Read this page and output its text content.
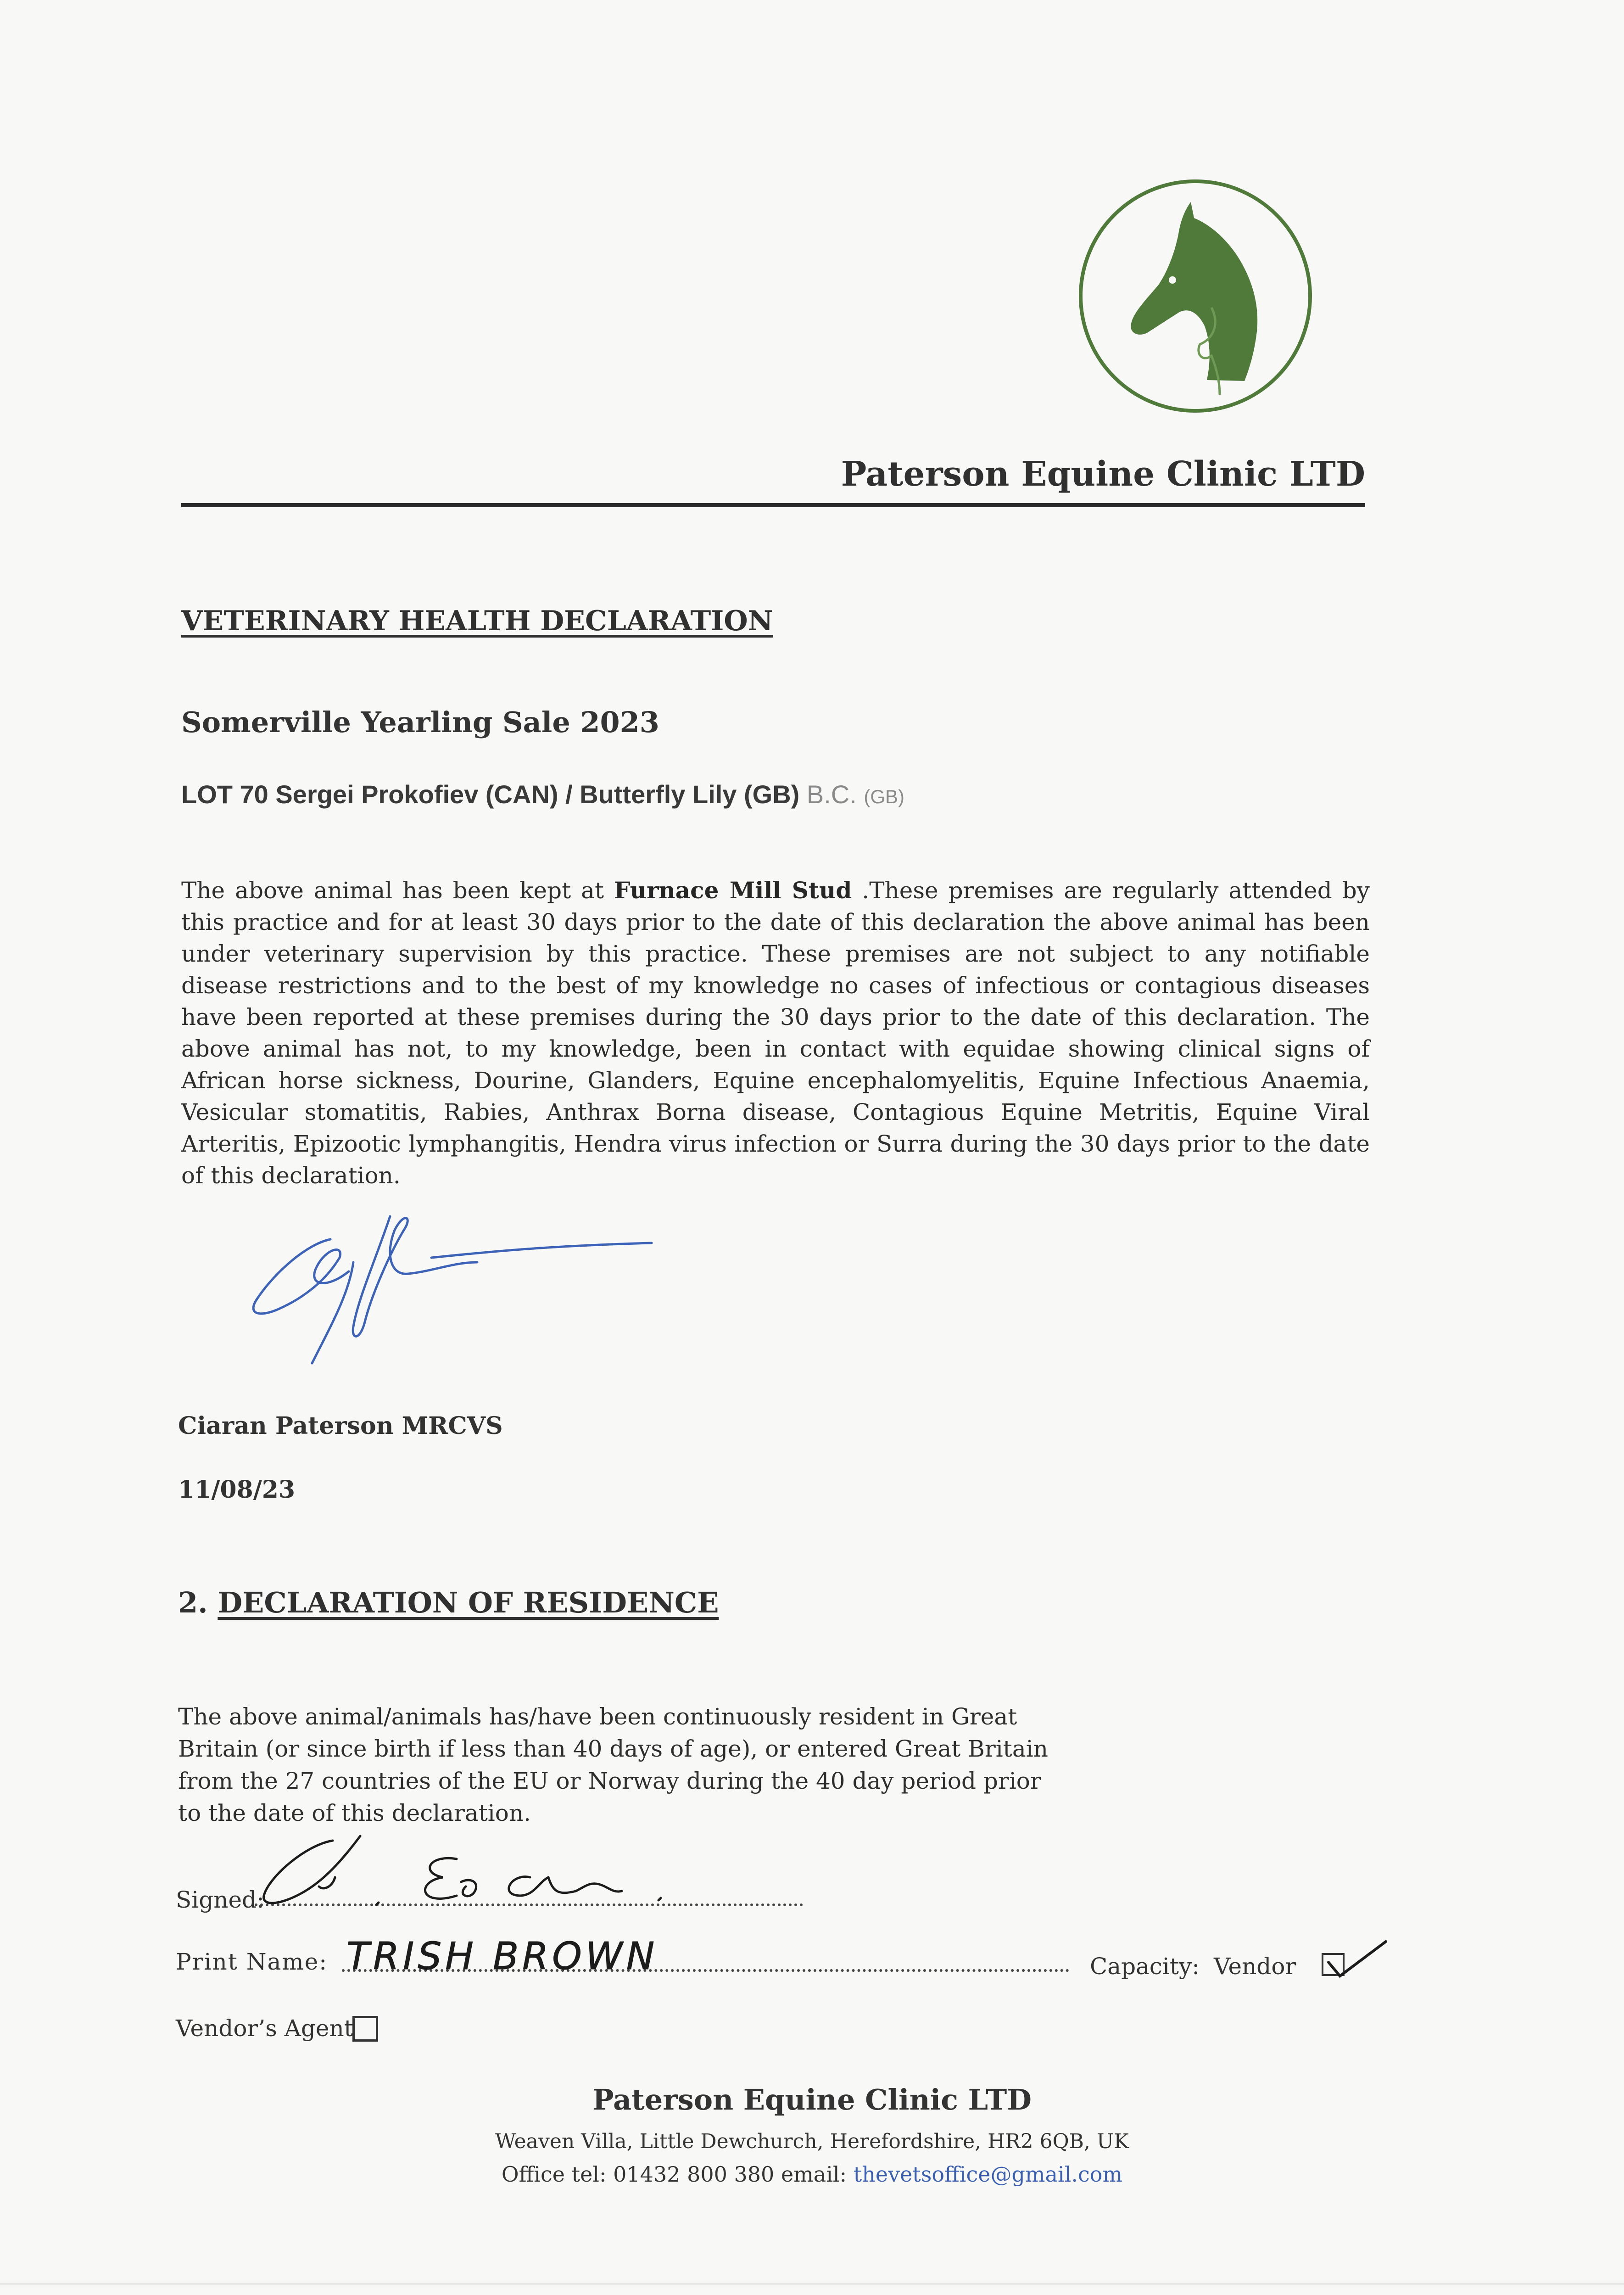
Paterson Equine Clinic LTD
VETERINARY HEALTH DECLARATION
Somerville Yearling Sale 2023
LOT 70 Sergei Prokofiev (CAN) / Butterfly Lily (GB) B.C. (GB)
The above animal has been kept at Furnace Mill Stud .These premises are regularly attended by this practice and for at least 30 days prior to the date of this declaration the above animal has been under veterinary supervision by this practice. These premises are not subject to any notifiable disease restrictions and to the best of my knowledge no cases of infectious or contagious diseases have been reported at these premises during the 30 days prior to the date of this declaration. The above animal has not, to my knowledge, been in contact with equidae showing clinical signs of African horse sickness, Dourine, Glanders, Equine encephalomyelitis, Equine Infectious Anaemia, Vesicular stomatitis, Rabies, Anthrax Borna disease, Contagious Equine Metritis, Equine Viral Arteritis, Epizootic lymphangitis, Hendra virus infection or Surra during the 30 days prior to the date of this declaration.
Ciaran Paterson MRCVS
11/08/23
2. DECLARATION OF RESIDENCE
The above animal/animals has/have been continuously resident in Great Britain (or since birth if less than 40 days of age), or entered Great Britain from the 27 countries of the EU or Norway during the 40 day period prior to the date of this declaration.
Signed:
Print Name: TRISH BROWN	Capacity: Vendor
Vendor’s Agent
Paterson Equine Clinic LTD
Weaven Villa, Little Dewchurch, Herefordshire, HR2 6QB, UK
Office tel: 01432 800 380 email: thevetsoffice@gmail.com
